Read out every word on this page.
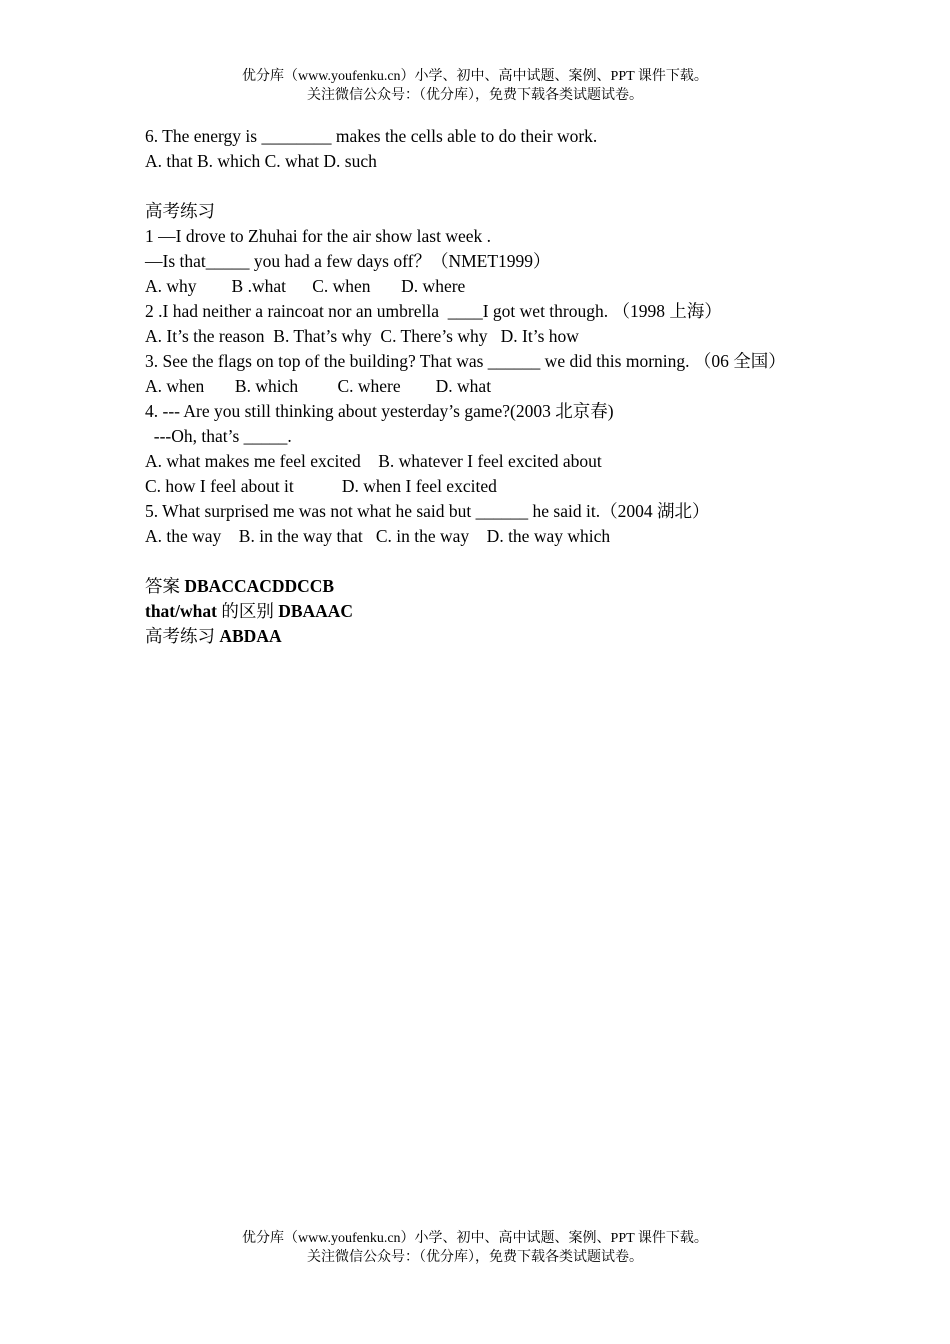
优分库（www.youfenku.cn）小学、初中、高中试题、案例、PPT 课件下载。
关注微信公众号：（优分库），免费下载各类试题试卷。
6. The energy is ________ makes the cells able to do their work.
A. that B. which C. what D. such
高考练习
1 —I drove to Zhuhai for the air show last week .
—Is that_____ you had a few days off？（NMET1999）
A. why        B .what      C. when       D. where
2 .I had neither a raincoat nor an umbrella  ____I got wet through. （1998 上海）
A. It’s the reason  B. That’s why  C. There’s why   D. It’s how
3. See the flags on top of the building? That was ______ we did this morning. （06 全国）
A. when       B. which         C. where        D. what
4. --- Are you still thinking about yesterday’s game?(2003 北京春)
---Oh, that’s _____.
A. what makes me feel excited    B. whatever I feel excited about
C. how I feel about it           D. when I feel excited
5. What surprised me was not what he said but ______ he said it.（2004 湖北）
A. the way    B. in the way that   C. in the way    D. the way which
答案 DBACCACDDCCB
that/what 的区别 DBAAAC
高考练习 ABDAA
优分库（www.youfenku.cn）小学、初中、高中试题、案例、PPT 课件下载。
关注微信公众号：（优分库），免费下载各类试题试卷。
